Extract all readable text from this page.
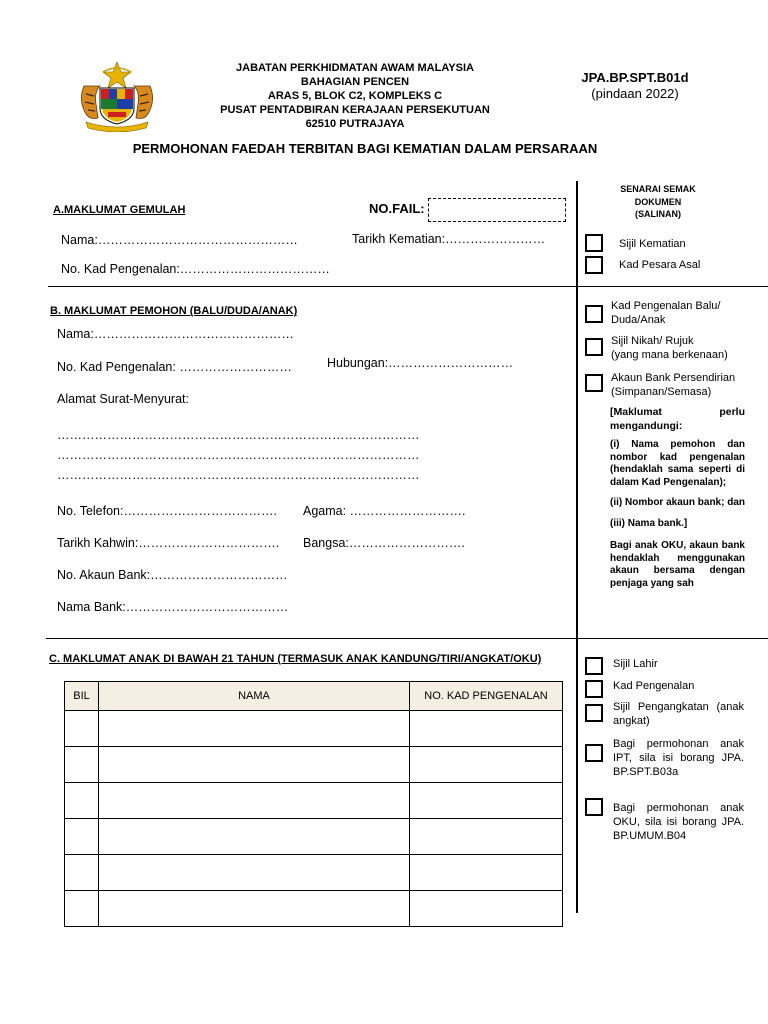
JABATAN PERKHIDMATAN AWAM MALAYSIA
BAHAGIAN PENCEN
ARAS 5, BLOK C2, KOMPLEKS C
PUSAT PENTADBIRAN KERAJAAN PERSEKUTUAN
62510 PUTRAJAYA
JPA.BP.SPT.B01d
(pindaan 2022)
PERMOHONAN FAEDAH TERBITAN BAGI KEMATIAN DALAM PERSARAAN
A.MAKLUMAT GEMULAH	NO.FAIL:
Nama:…………………………………………	Tarikh Kematian:……………………
No. Kad Pengenalan:………………………………
B. MAKLUMAT PEMOHON (BALU/DUDA/ANAK)
Nama:…………………………………………
No. Kad Pengenalan: ………………………	Hubungan:…………………………
Alamat Surat-Menyurat:
……………………………………………………………………………
……………………………………………………………………………
……………………………………………………………………………
No. Telefon:………………………………. Agama: ……………………….
Tarikh Kahwin:……………………………. Bangsa:……………………….
No. Akaun Bank:……………………………
Nama Bank:…………………………………
C. MAKLUMAT ANAK DI BAWAH 21 TAHUN (TERMASUK ANAK KANDUNG/TIRI/ANGKAT/OKU)
BIL	NAMA	NO. KAD PENGENALAN

SENARAI SEMAK
DOKUMEN
(SALINAN)
Sijil Kematian
Kad Pesara Asal
Kad Pengenalan Balu/
Duda/Anak
Sijil Nikah/ Rujuk
(yang mana berkenaan)
Akaun Bank Persendirian
(Simpanan/Semasa)
[Maklumat perlu mengandungi:
(i) Nama pemohon dan nombor kad pengenalan (hendaklah sama seperti di dalam Kad Pengenalan);
(ii) Nombor akaun bank; dan
(iii) Nama bank.]
Bagi anak OKU, akaun bank hendaklah menggunakan akaun bersama dengan penjaga yang sah
Sijil Lahir
Kad Pengenalan
Sijil Pengangkatan (anak angkat)
Bagi permohonan anak IPT, sila isi borang JPA. BP.SPT.B03a
Bagi permohonan anak OKU, sila isi borang JPA. BP.UMUM.B04
